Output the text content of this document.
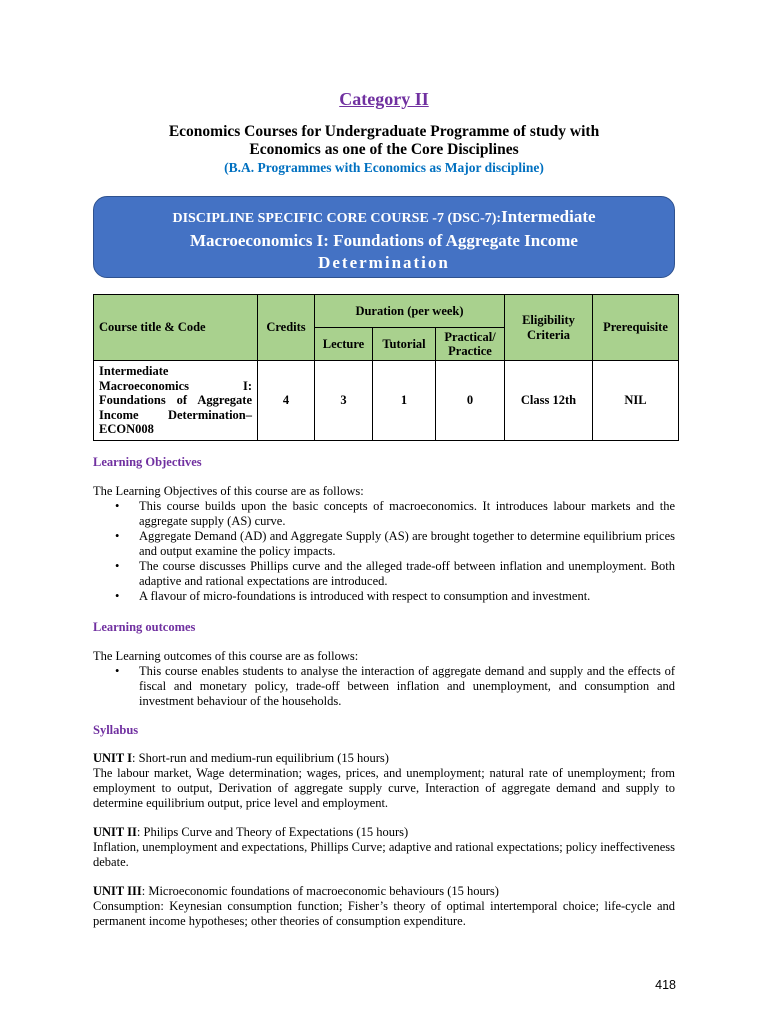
Category II
Economics Courses for Undergraduate Programme of study with
Economics as one of the Core Disciplines
(B.A. Programmes with Economics as Major discipline)
DISCIPLINE SPECIFIC CORE COURSE -7 (DSC-7):Intermediate
Macroeconomics I: Foundations of Aggregate Income
Determination
Course title & Code	Credits	Duration (per week)			Eligibility Criteria	Prerequisite
		Lecture	Tutorial	Practical/ Practice		
Intermediate Macroeconomics I: Foundations of Aggregate Income Determination– ECON008	4	3	1	0	Class 12th	NIL
Learning Objectives
The Learning Objectives of this course are as follows:
• This course builds upon the basic concepts of macroeconomics. It introduces labour markets and the aggregate supply (AS) curve.
• Aggregate Demand (AD) and Aggregate Supply (AS) are brought together to determine equilibrium prices and output examine the policy impacts.
• The course discusses Phillips curve and the alleged trade-off between inflation and unemployment. Both adaptive and rational expectations are introduced.
• A flavour of micro-foundations is introduced with respect to consumption and investment.
Learning outcomes
The Learning outcomes of this course are as follows:
• This course enables students to analyse the interaction of aggregate demand and supply and the effects of fiscal and monetary policy, trade-off between inflation and unemployment, and consumption and investment behaviour of the households.
Syllabus
UNIT I: Short-run and medium-run equilibrium (15 hours)
The labour market, Wage determination; wages, prices, and unemployment; natural rate of unemployment; from employment to output, Derivation of aggregate supply curve, Interaction of aggregate demand and supply to determine equilibrium output, price level and employment.
UNIT II: Philips Curve and Theory of Expectations (15 hours)
Inflation, unemployment and expectations, Phillips Curve; adaptive and rational expectations; policy ineffectiveness debate.
UNIT III: Microeconomic foundations of macroeconomic behaviours (15 hours)
Consumption: Keynesian consumption function; Fisher’s theory of optimal intertemporal choice; life-cycle and permanent income hypotheses; other theories of consumption expenditure.
418
